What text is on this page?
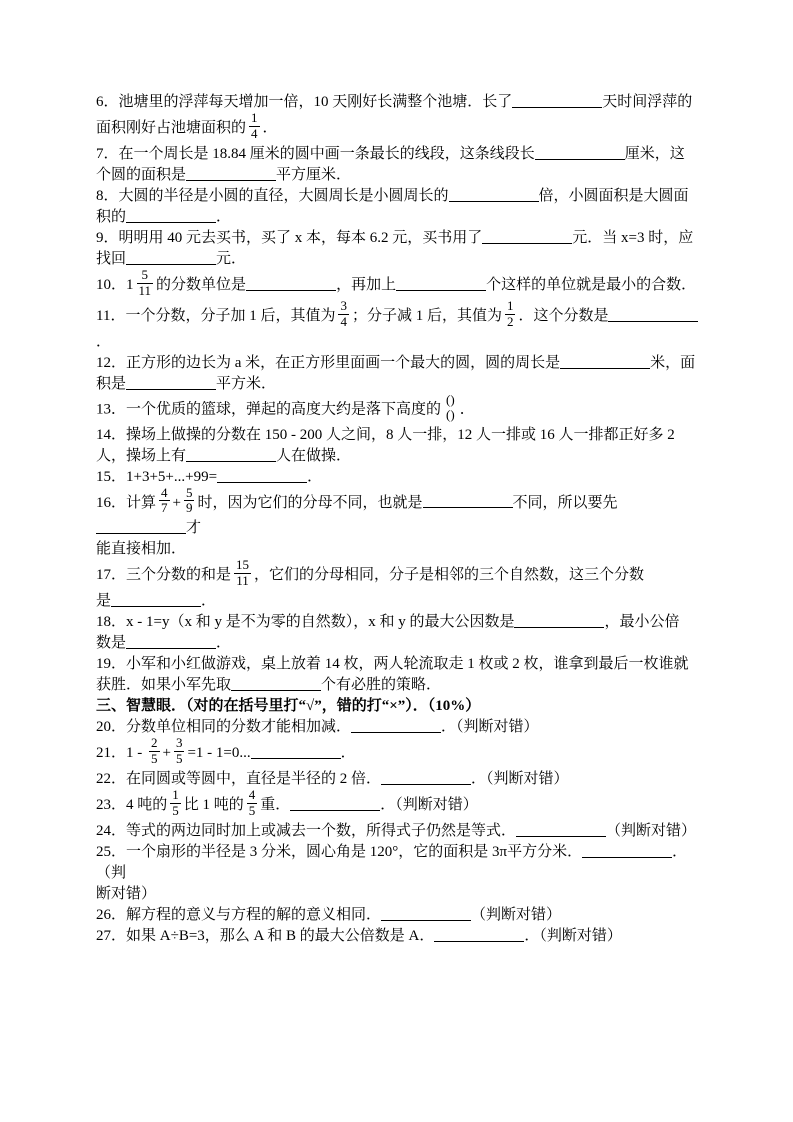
6．池塘里的浮萍每天增加一倍，10 天刚好长满整个池塘．长了	天时间浮萍的
面积刚好占池塘面积的 $\frac{1}{4}$ ．

7．在一个周长是 18.84 厘米的圆中画一条最长的线段，这条线段长	厘米，这
个圆的面积是	平方厘米．

8．大圆的半径是小圆的直径，大圆周长是小圆周长的	倍，小圆面积是大圆面
积的	．

9．明明用 40 元去买书，买了 x 本，每本 6.2 元，买书用了	元．当 x=3 时，应
找回	元．

10．$1 \frac{5}{11}$ 的分数单位是	，再加上	个这样的单位就是最小的合数．

11．一个分数，分子加 1 后，其值为 $\frac{3}{4}$ ；分子减 1 后，其值为 $\frac{1}{2}$ ．这个分数是．

12．正方形的边长为 a 米，在正方形里面画一个最大的圆，圆的周长是	米，面
积是	平方米．

13．一个优质的篮球，弹起的高度大约是落下高度的
()
() ．

14．操场上做操的分数在 150 - 200 人之间，8 人一排，12 人一排或 16 人一排都正好多 2
人，操场上有	人在做操．

15．1+3+5+...+99=	．

16．计算 $\frac{4}{7} + \frac{5}{9}$ 时，因为它们的分母不同，也就是	不同，所以要先才
能直接相加．

17．三个分数的和是 $\frac{15}{11}$ ，它们的分母相同，分子是相邻的三个自然数，这三个分数
是	．

18．x - 1=y（x 和 y 是不为零的自然数），x 和 y 的最大公因数是	，最小公倍
数是	．

19．小军和小红做游戏，桌上放着 14 枚，两人轮流取走 1 枚或 2 枚，谁拿到最后一枚谁就
获胜．如果小军先取	个有必胜的策略．

三、智慧眼．（对的在括号里打“√”，错的打“×”）．（10%）

20．分数单位相同的分数才能相加减．	．（判断对错）

21．$1 - \frac{2}{5} + \frac{3}{5} =1 - 1=0$...	．

22．在同圆或等圆中，直径是半径的 2 倍．	．（判断对错）

23．4 吨的 $\frac{1}{5}$ 比 1 吨的 $\frac{4}{5}$ 重．	．（判断对错）

24．等式的两边同时加上或减去一个数，所得式子仍然是等式．	（判断对错）

25．一个扇形的半径是 3 分米，圆心角是 120°，它的面积是 3π平方分米．	．（判
断对错）

26．解方程的意义与方程的解的意义相同．	（判断对错）

27．如果 A÷B=3，那么 A 和 B 的最大公倍数是 A．	．（判断对错）
